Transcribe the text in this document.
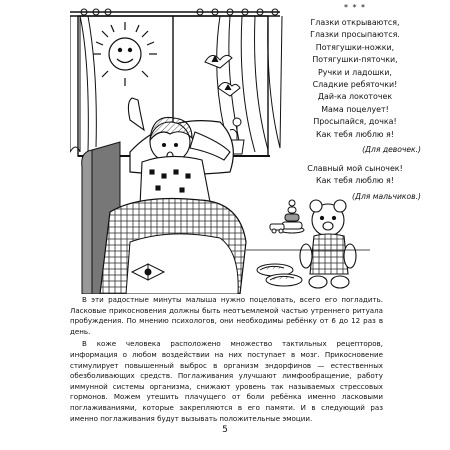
* * *
Глазки открываются,
Глазки просыпаются.
Потягушки-ножки,
Потягушки-пяточки,
Ручки и ладошки,
Сладкие ребяточки!
Дай-ка локоточек
Мама поцелует!
Просыпайся, дочка!
Как тебя люблю я!
(Для девочек.)
Славный мой сыночек!
Как тебя люблю я!
(Для мальчиков.)

В эти радостные минуты малыша нужно поцеловать, всего его погладить. Ласковые прикосновения должны быть неотъемлемой частью утреннего ритуала пробуждения. По мнению психологов, они необходимы ребёнку от 6 до 12 раз в день.

В коже человека расположено множество тактильных рецепторов, информация о любом воздействии на них поступает в мозг. Прикосновение стимулирует повышенный выброс в организм эндорфинов — естественных обезболивающих средств. Поглаживания улучшают лимфообращение, работу иммунной системы организма, снижают уровень так называемых стрессовых гормонов. Можем утешить плачущего от боли ребёнка именно ласковыми поглаживаниями, которые закрепляются в его памяти. И в следующий раз именно поглаживания будут вызывать положительные эмоции.

5
